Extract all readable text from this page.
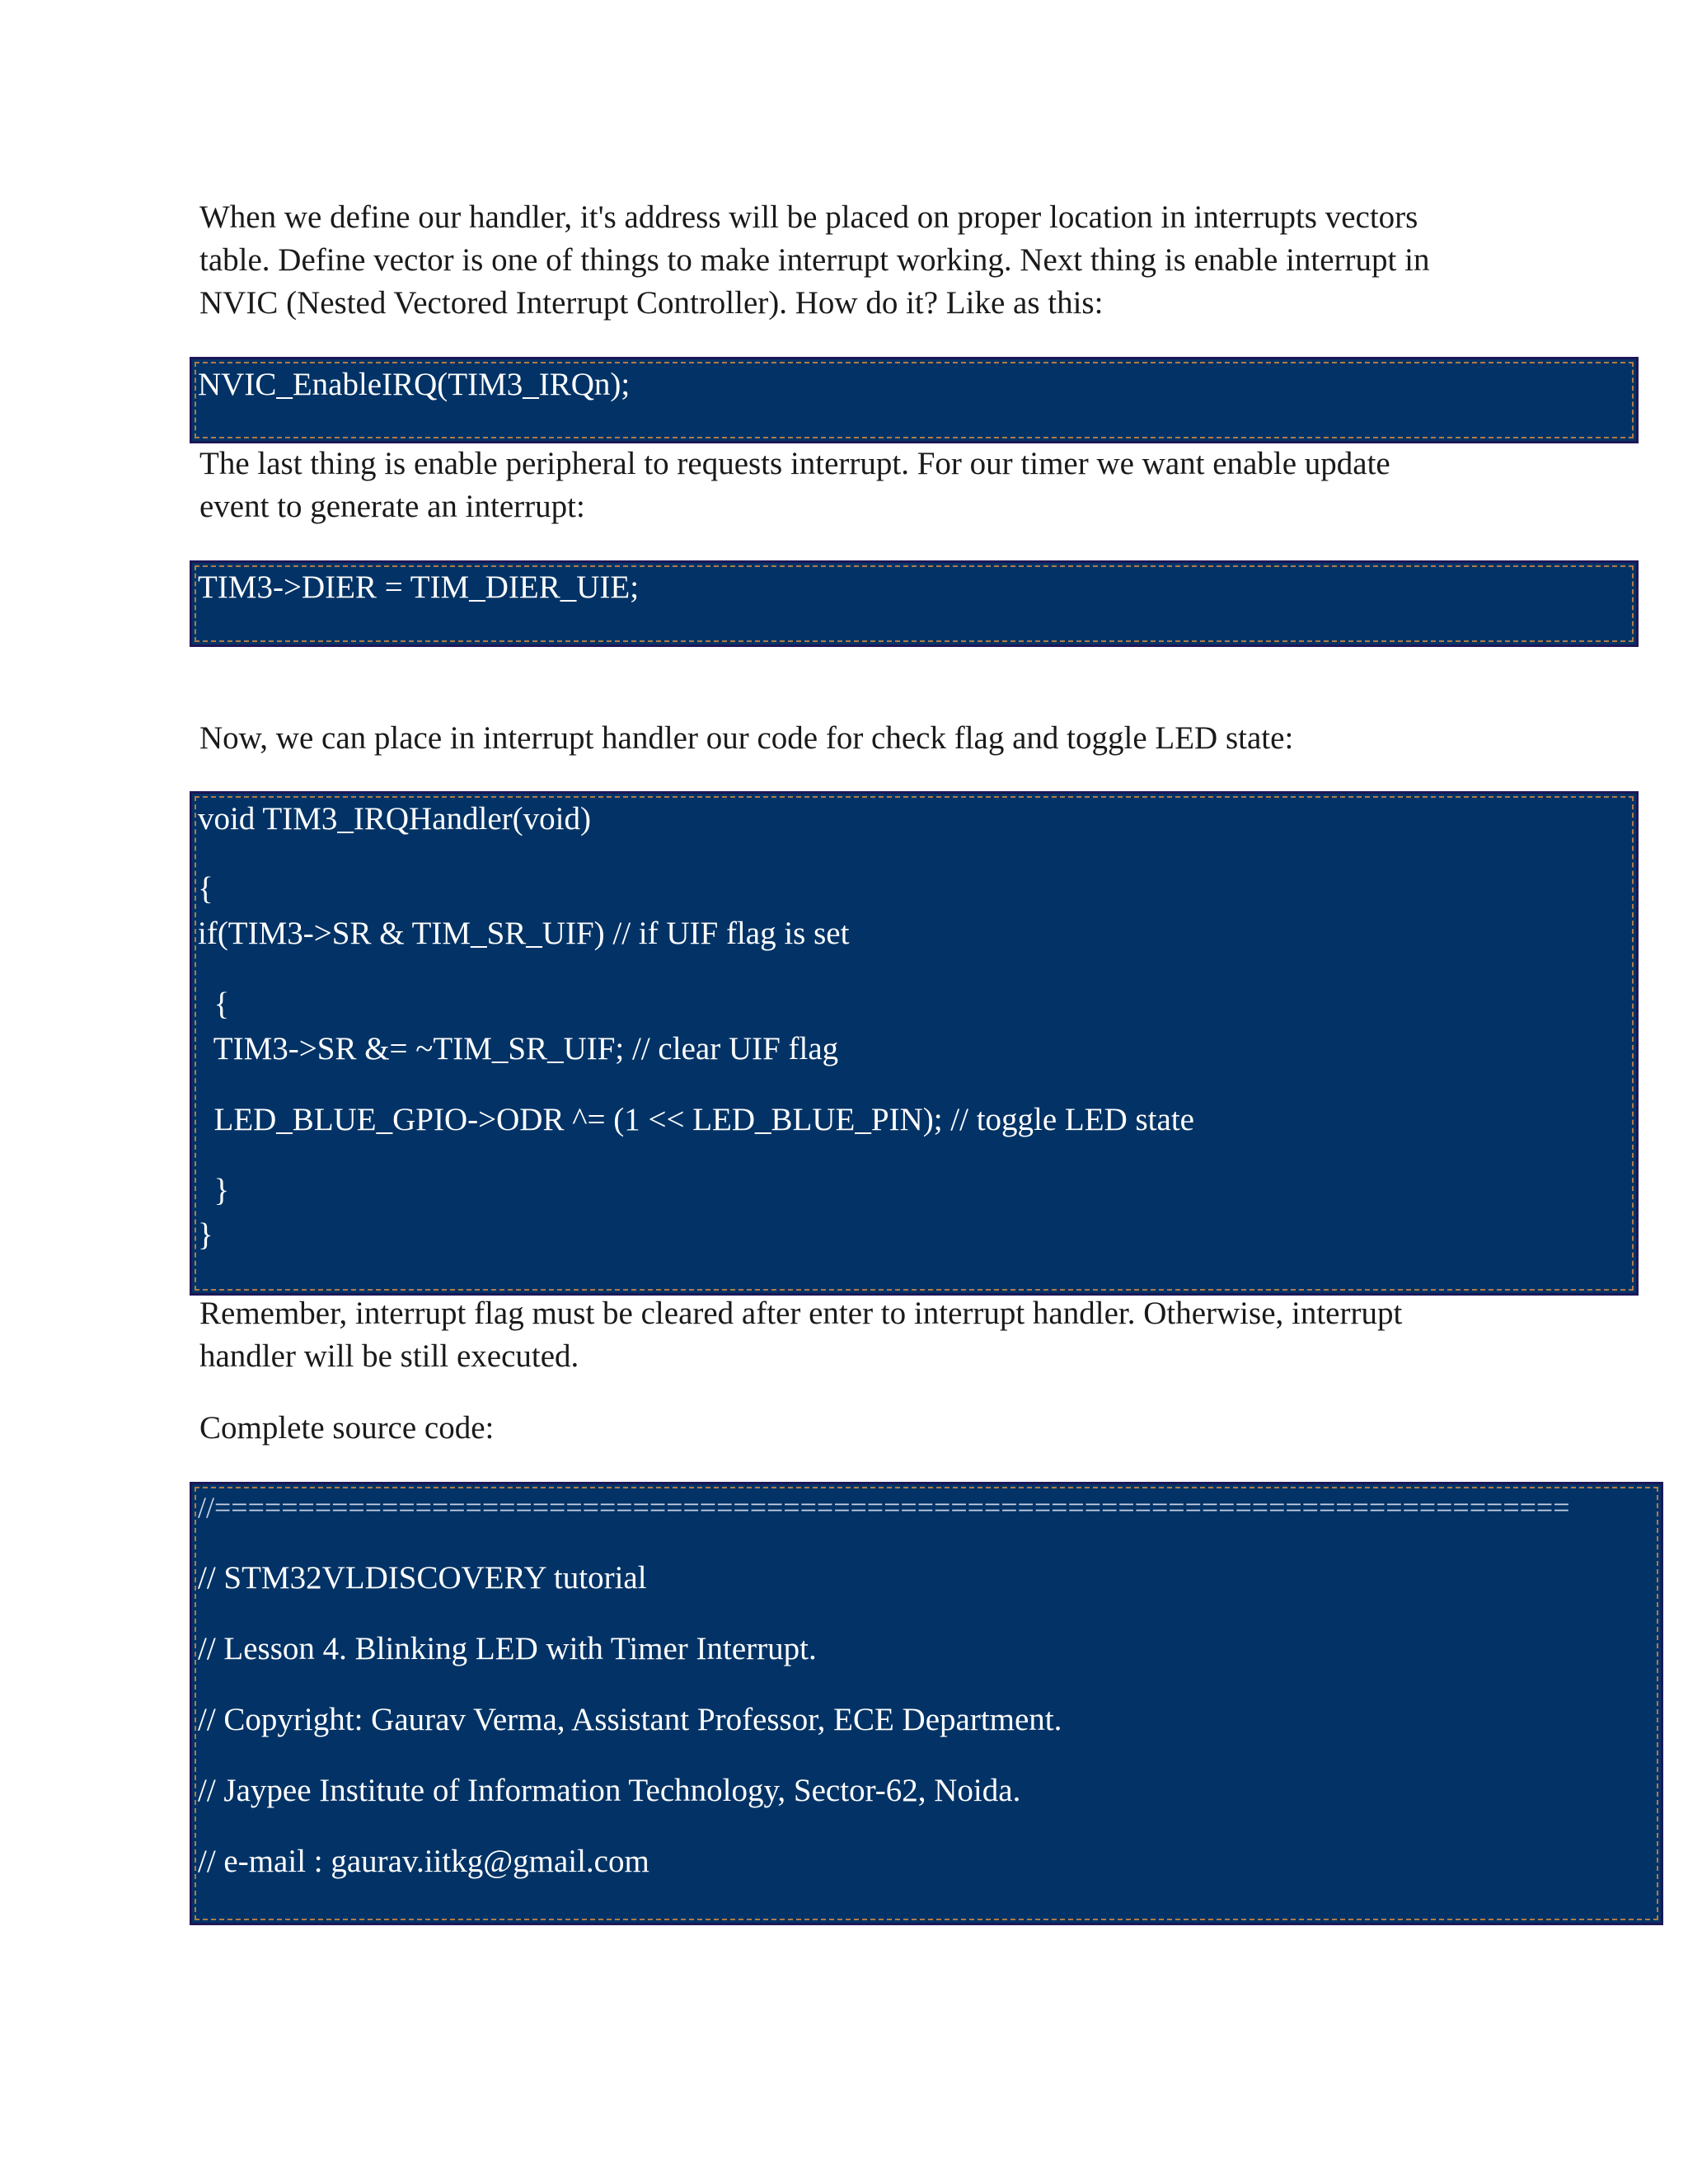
When we define our handler, it's address will be placed on proper location in interrupts vectors
table. Define vector is one of things to make interrupt working. Next thing is enable interrupt in
NVIC (Nested Vectored Interrupt Controller). How do it? Like as this:
NVIC_EnableIRQ(TIM3_IRQn);
The last thing is enable peripheral to requests interrupt. For our timer we want enable update
event to generate an interrupt:
TIM3->DIER = TIM_DIER_UIE;
Now, we can place in interrupt handler our code for check flag and toggle LED state:
void TIM3_IRQHandler(void)
{
if(TIM3->SR & TIM_SR_UIF) // if UIF flag is set
{
TIM3->SR &= ~TIM_SR_UIF; // clear UIF flag
LED_BLUE_GPIO->ODR ^= (1 << LED_BLUE_PIN); // toggle LED state
}
}
Remember, interrupt flag must be cleared after enter to interrupt handler. Otherwise, interrupt
handler will be still executed.
Complete source code:
//=================================================================================
// STM32VLDISCOVERY tutorial
// Lesson 4. Blinking LED with Timer Interrupt.
// Copyright: Gaurav Verma, Assistant Professor, ECE Department.
// Jaypee Institute of Information Technology, Sector-62, Noida.
// e-mail : gaurav.iitkg@gmail.com
